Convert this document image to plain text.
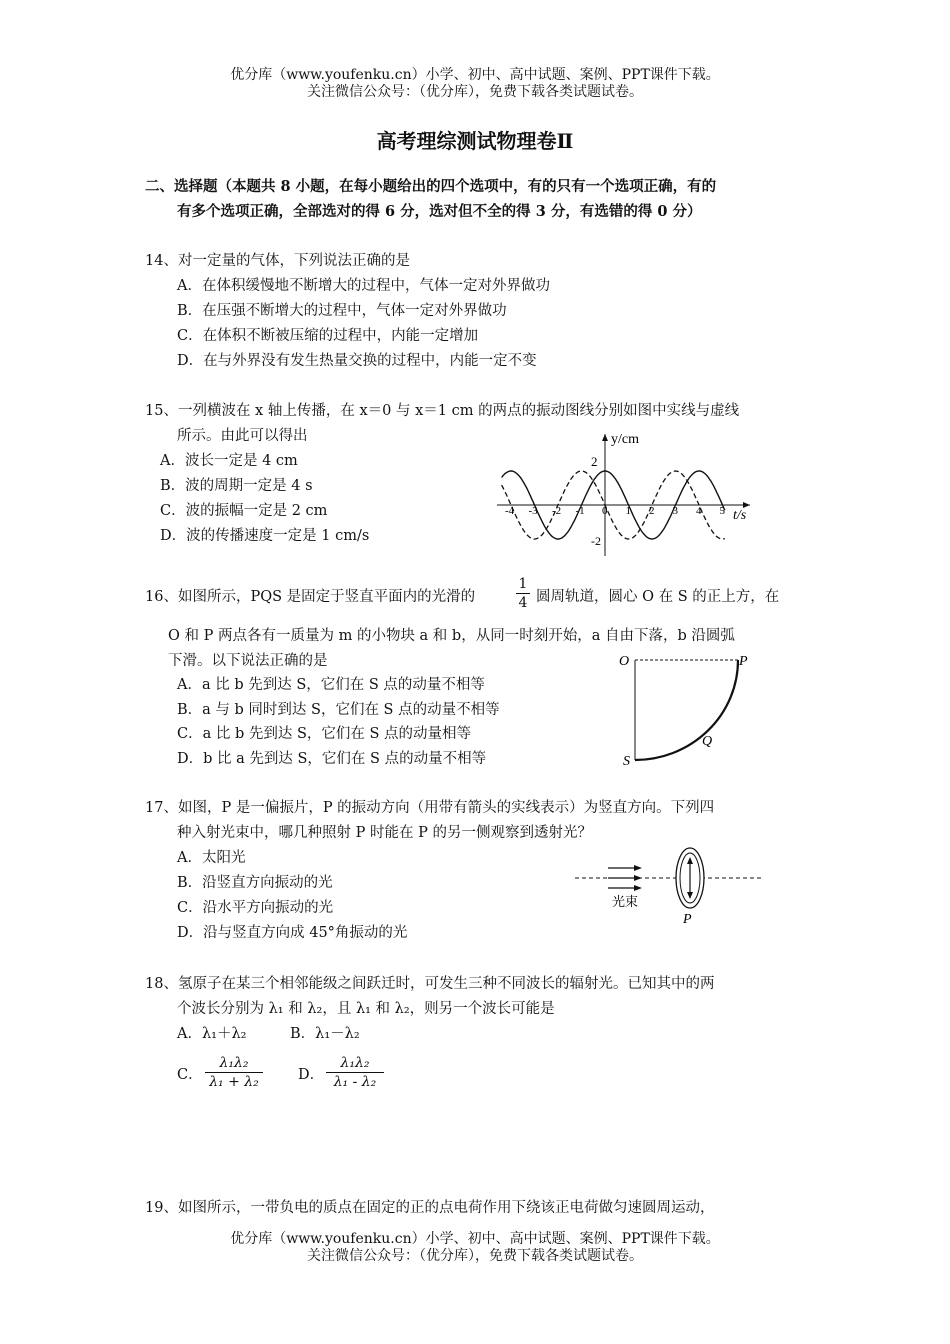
优分库（www.youfenku.cn）小学、初中、高中试题、案例、PPT课件下载。
关注微信公众号：（优分库），免费下载各类试题试卷。
高考理综测试物理卷Ⅱ
二、选择题（本题共 8 小题，在每小题给出的四个选项中，有的只有一个选项正确，有的
有多个选项正确，全部选对的得 6 分，选对但不全的得 3 分，有选错的得 0 分）
14、对一定量的气体，下列说法正确的是
A．在体积缓慢地不断增大的过程中，气体一定对外界做功
B．在压强不断增大的过程中，气体一定对外界做功
C．在体积不断被压缩的过程中，内能一定增加
D．在与外界没有发生热量交换的过程中，内能一定不变
15、一列横波在 x 轴上传播，在 x＝0 与 x＝1 cm 的两点的振动图线分别如图中实线与虚线
所示。由此可以得出
A．波长一定是 4 cm
B．波的周期一定是 4 s
C．波的振幅一定是 2 cm
D．波的传播速度一定是 1 cm/s
y/cm
t/s
2
-2
-4 -3 -2 -1 0 1 2 3 4 5
16、如图所示，PQS 是固定于竖直平面内的光滑的
1
4 圆周轨道，圆心 O 在 S 的正上方，在
O 和 P 两点各有一质量为 m 的小物块 a 和 b，从同一时刻开始，a 自由下落，b 沿圆弧
下滑。以下说法正确的是
A．a 比 b 先到达 S，它们在 S 点的动量不相等
B．a 与 b 同时到达 S，它们在 S 点的动量不相等
C．a 比 b 先到达 S，它们在 S 点的动量相等
D．b 比 a 先到达 S，它们在 S 点的动量不相等
O	P
Q
S
17、如图，P 是一偏振片，P 的振动方向（用带有箭头的实线表示）为竖直方向。下列四
种入射光束中，哪几种照射 P 时能在 P 的另一侧观察到透射光？
A．太阳光
B．沿竖直方向振动的光
C．沿水平方向振动的光
D．沿与竖直方向成 45°角振动的光
光束
P
18、氢原子在某三个相邻能级之间跃迁时，可发生三种不同波长的辐射光。已知其中的两
个波长分别为 λ₁ 和 λ₂，且 λ₁ 和 λ₂，则另一个波长可能是
A．λ₁＋λ₂	B．λ₁－λ₂
C．
λ₁λ₂
λ₁ + λ₂	D．
λ₁λ₂
λ₁ - λ₂
19、如图所示，一带负电的质点在固定的正的点电荷作用下绕该正电荷做匀速圆周运动，
优分库（www.youfenku.cn）小学、初中、高中试题、案例、PPT课件下载。
关注微信公众号：（优分库），免费下载各类试题试卷。
